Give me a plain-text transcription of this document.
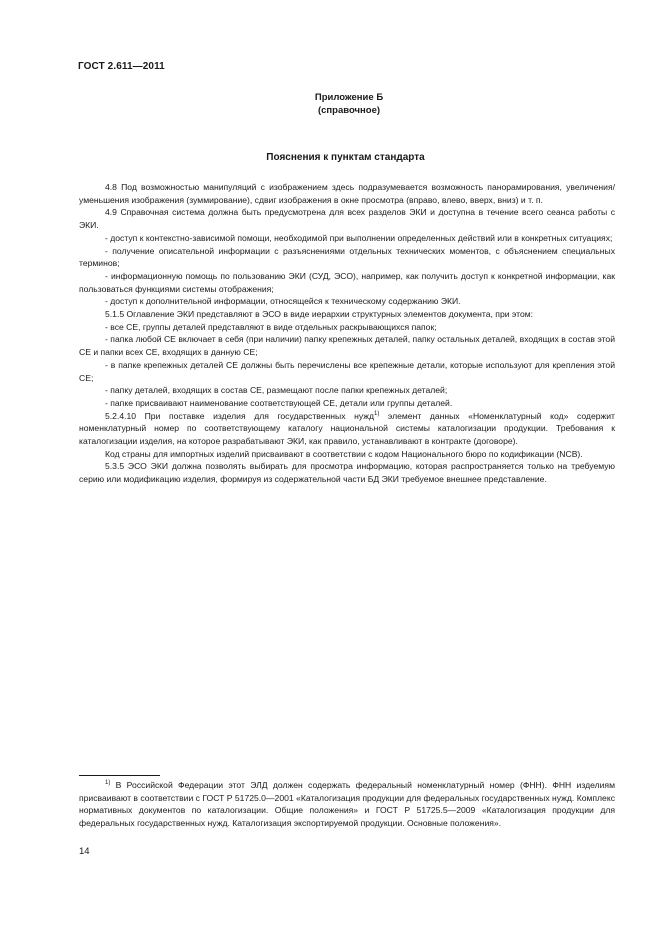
ГОСТ 2.611—2011
Приложение Б
(справочное)
Пояснения к пунктам стандарта

4.8 Под возможностью манипуляций с изображением здесь подразумевается возможность панорамирования, увеличения/уменьшения изображения (зуммирование), сдвиг изображения в окне просмотра (вправо, влево, вверх, вниз) и т. п.

4.9 Справочная система должна быть предусмотрена для всех разделов ЭКИ и доступна в течение всего сеанса работы с ЭКИ.

- доступ к контекстно-зависимой помощи, необходимой при выполнении определенных действий или в конкретных ситуациях;

- получение описательной информации с разъяснениями отдельных технических моментов, с объяснением специальных терминов;

- информационную помощь по пользованию ЭКИ (СУД, ЭСО), например, как получить доступ к конкретной информации, как пользоваться функциями системы отображения;

- доступ к дополнительной информации, относящейся к техническому содержанию ЭКИ.

5.1.5 Оглавление ЭКИ представляют в ЭСО в виде иерархии структурных элементов документа, при этом:

- все СЕ, группы деталей представляют в виде отдельных раскрывающихся папок;

- папка любой СЕ включает в себя (при наличии) папку крепежных деталей, папку остальных деталей, входящих в состав этой СЕ и папки всех СЕ, входящих в данную СЕ;

- в папке крепежных деталей СЕ должны быть перечислены все крепежные детали, которые используют для крепления этой СЕ;

- папку деталей, входящих в состав СЕ, размещают после папки крепежных деталей;

- папке присваивают наименование соответствующей СЕ, детали или группы деталей.

5.2.4.10 При поставке изделия для государственных нужд$^{1)}$ элемент данных «Номенклатурный код» содержит номенклатурный номер по соответствующему каталогу национальной системы каталогизации продукции. Требования к каталогизации изделия, на которое разрабатывают ЭКИ, как правило, устанавливают в контракте (договоре).

Код страны для импортных изделий присваивают в соответствии с кодом Национального бюро по кодификации (NCB).

5.3.5 ЭСО ЭКИ должна позволять выбирать для просмотра информацию, которая распространяется только на требуемую серию или модификацию изделия, формируя из содержательной части БД ЭКИ требуемое внешнее представление.

$^{1)}$ В Российской Федерации этот ЭЛД должен содержать федеральный номенклатурный номер (ФНН). ФНН изделиям присваивают в соответствии с ГОСТ Р 51725.0—2001 «Каталогизация продукции для федеральных государственных нужд. Комплекс нормативных документов по каталогизации. Общие положения» и ГОСТ Р 51725.5—2009 «Каталогизация продукции для федеральных государственных нужд. Каталогизация экспортируемой продукции. Основные положения».

14
